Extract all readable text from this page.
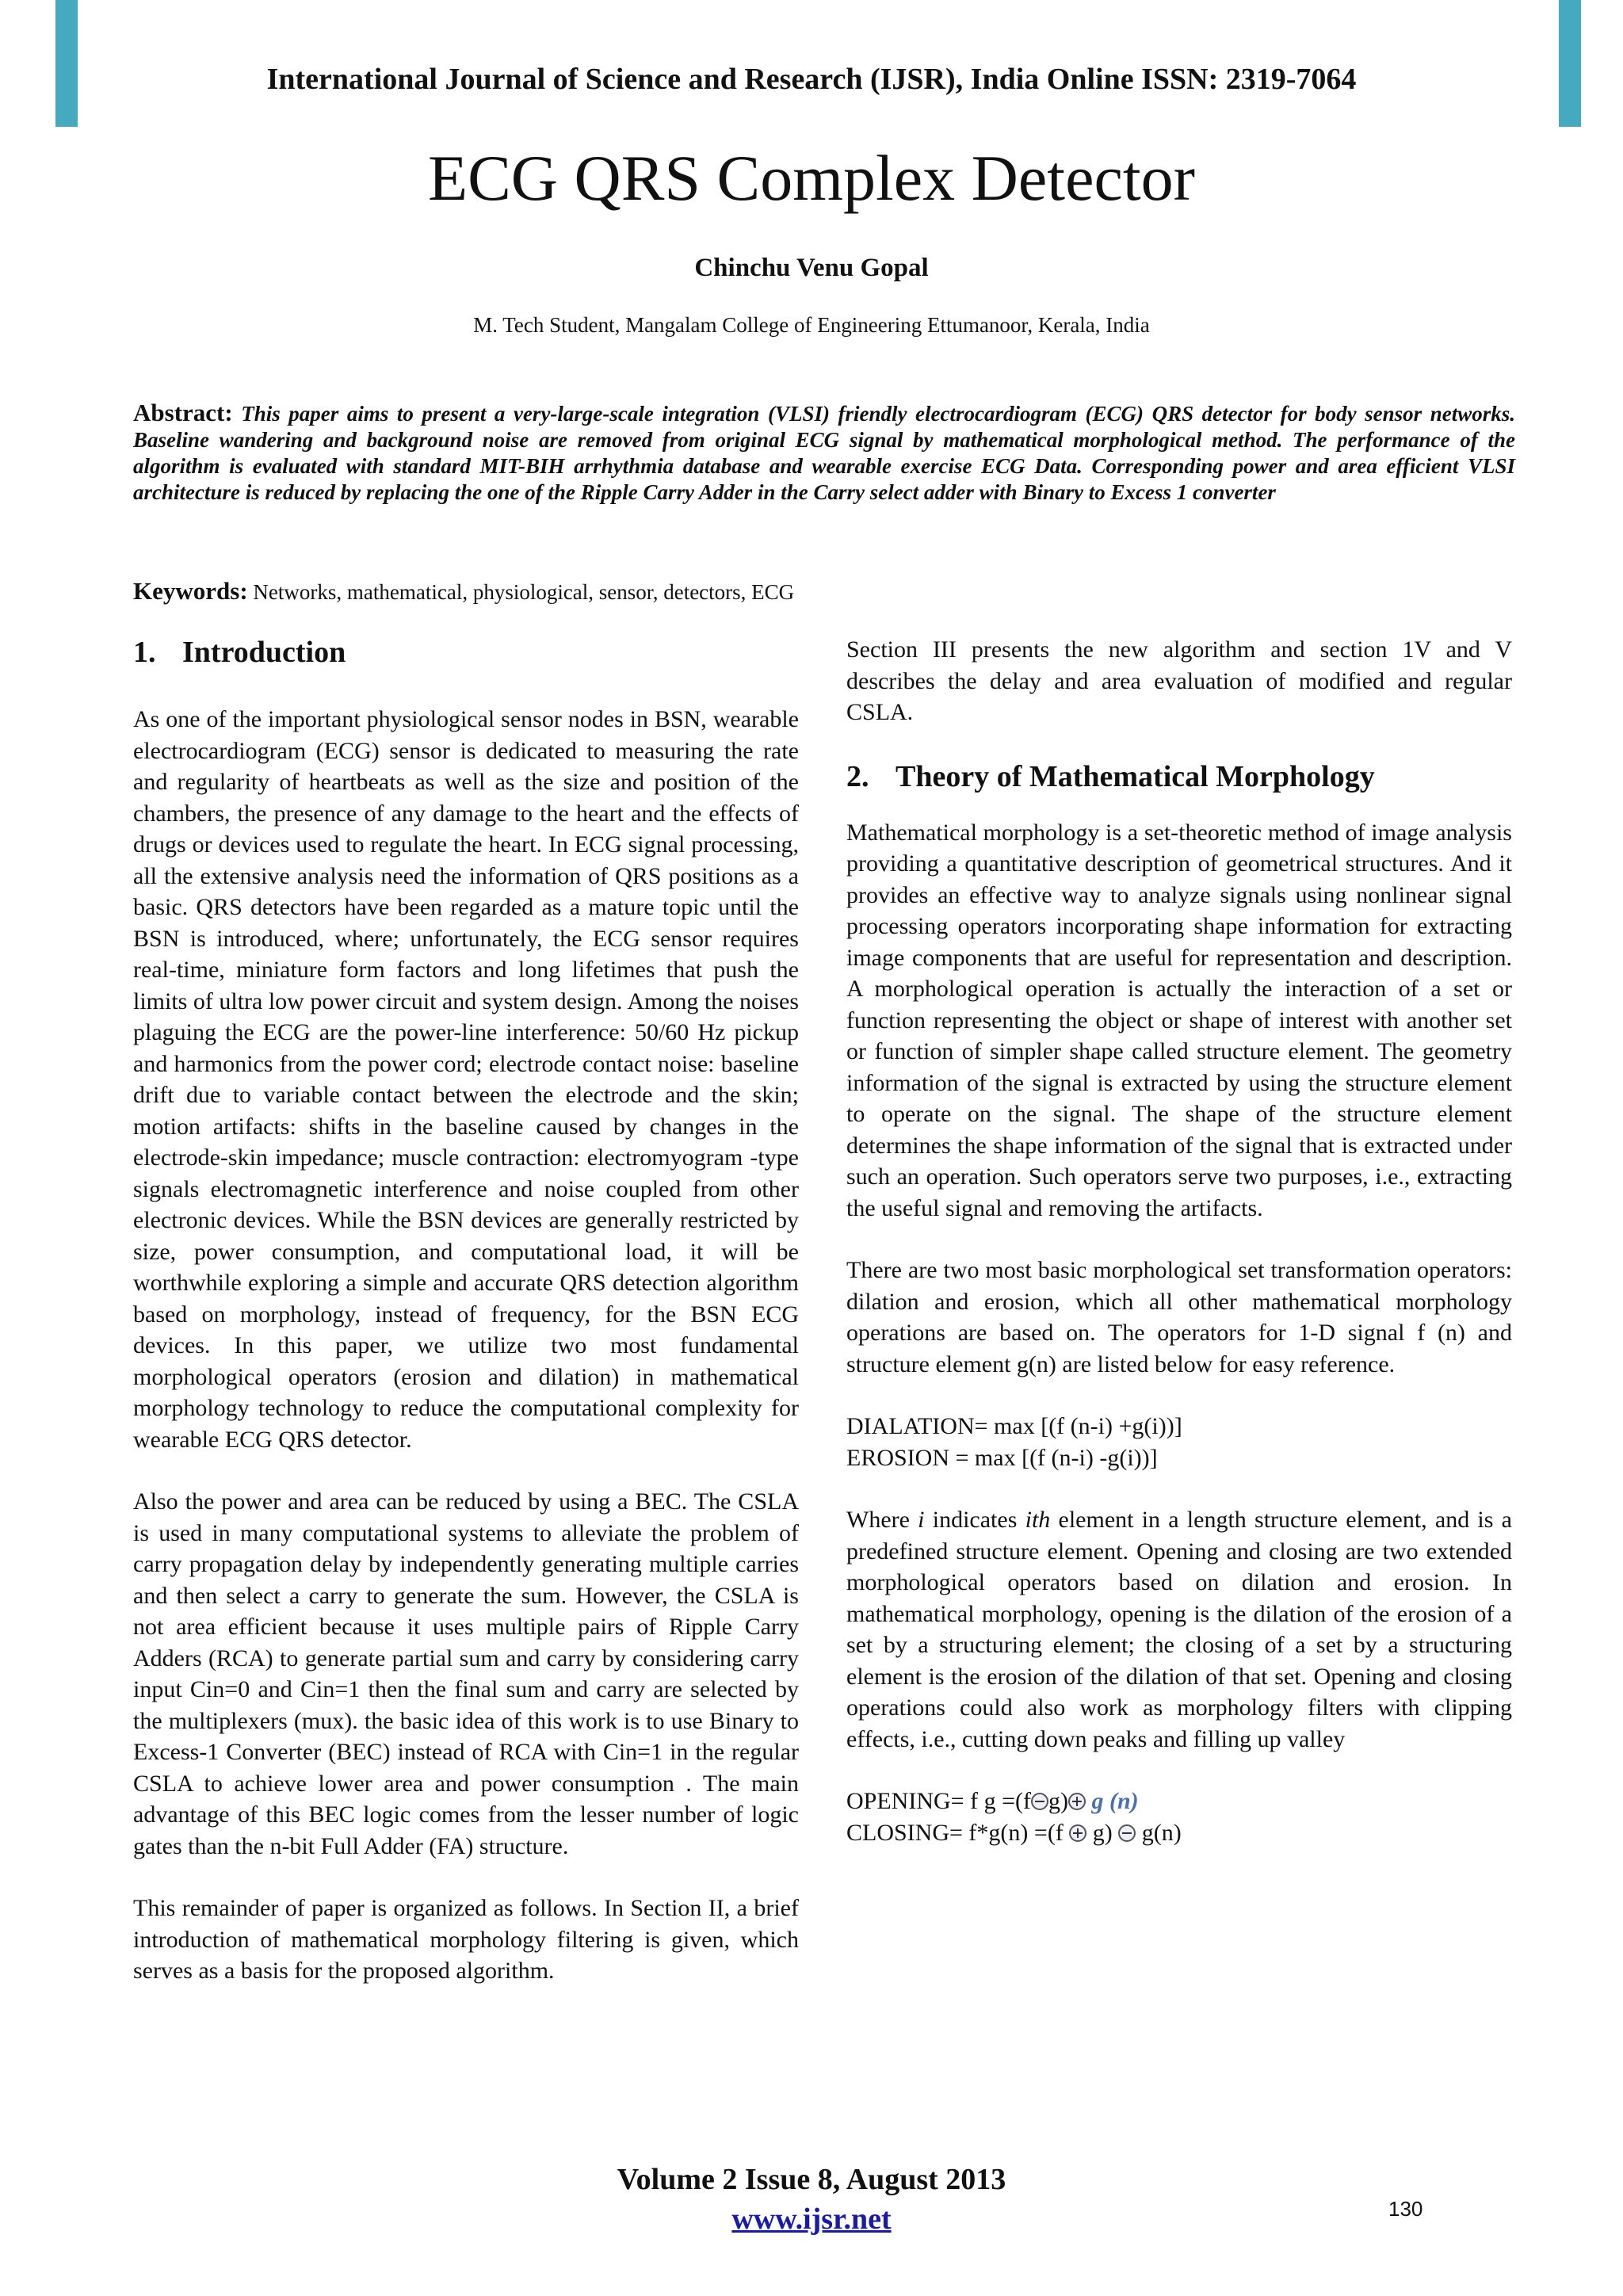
International Journal of Science and Research (IJSR), India Online ISSN: 2319-7064
ECG QRS Complex Detector
Chinchu Venu Gopal
M. Tech Student, Mangalam College of Engineering Ettumanoor, Kerala, India

Abstract: This paper aims to present a very-large-scale integration (VLSI) friendly electrocardiogram (ECG) QRS detector for body sensor networks. Baseline wandering and background noise are removed from original ECG signal by mathematical morphological method. The performance of the algorithm is evaluated with standard MIT-BIH arrhythmia database and wearable exercise ECG Data. Corresponding power and area efficient VLSI architecture is reduced by replacing the one of the Ripple Carry Adder in the Carry select adder with Binary to Excess 1 converter

Keywords: Networks, mathematical, physiological, sensor, detectors, ECG

1. Introduction

As one of the important physiological sensor nodes in BSN, wearable electrocardiogram (ECG) sensor is dedicated to measuring the rate and regularity of heartbeats as well as the size and position of the chambers, the presence of any damage to the heart and the effects of drugs or devices used to regulate the heart. In ECG signal processing, all the extensive analysis need the information of QRS positions as a basic. QRS detectors have been regarded as a mature topic until the BSN is introduced, where; unfortunately, the ECG sensor requires real-time, miniature form factors and long lifetimes that push the limits of ultra low power circuit and system design. Among the noises plaguing the ECG are the power-line interference: 50/60 Hz pickup and harmonics from the power cord; electrode contact noise: baseline drift due to variable contact between the electrode and the skin; motion artifacts: shifts in the baseline caused by changes in the electrode-skin impedance; muscle contraction: electromyogram -type signals electromagnetic interference and noise coupled from other electronic devices. While the BSN devices are generally restricted by size, power consumption, and computational load, it will be worthwhile exploring a simple and accurate QRS detection algorithm based on morphology, instead of frequency, for the BSN ECG devices. In this paper, we utilize two most fundamental morphological operators (erosion and dilation) in mathematical morphology technology to reduce the computational complexity for wearable ECG QRS detector.

Also the power and area can be reduced by using a BEC. The CSLA is used in many computational systems to alleviate the problem of carry propagation delay by independently generating multiple carries and then select a carry to generate the sum. However, the CSLA is not area efficient because it uses multiple pairs of Ripple Carry Adders (RCA) to generate partial sum and carry by considering carry input Cin=0 and Cin=1 then the final sum and carry are selected by the multiplexers (mux). the basic idea of this work is to use Binary to Excess-1 Converter (BEC) instead of RCA with Cin=1 in the regular CSLA to achieve lower area and power consumption . The main advantage of this BEC logic comes from the lesser number of logic gates than the n-bit Full Adder (FA) structure.

This remainder of paper is organized as follows. In Section II, a brief introduction of mathematical morphology filtering is given, which serves as a basis for the proposed algorithm.

Section III presents the new algorithm and section 1V and V describes the delay and area evaluation of modified and regular CSLA.

2. Theory of Mathematical Morphology

Mathematical morphology is a set-theoretic method of image analysis providing a quantitative description of geometrical structures. And it provides an effective way to analyze signals using nonlinear signal processing operators incorporating shape information for extracting image components that are useful for representation and description. A morphological operation is actually the interaction of a set or function representing the object or shape of interest with another set or function of simpler shape called structure element. The geometry information of the signal is extracted by using the structure element to operate on the signal. The shape of the structure element determines the shape information of the signal that is extracted under such an operation. Such operators serve two purposes, i.e., extracting the useful signal and removing the artifacts.

There are two most basic morphological set transformation operators: dilation and erosion, which all other mathematical morphology operations are based on. The operators for 1-D signal f (n) and structure element g(n) are listed below for easy reference.

DIALATION= max [(f (n-i) +g(i))]

EROSION = max [(f (n-i) -g(i))]

Where i indicates ith element in a length structure element, and is a predefined structure element. Opening and closing are two extended morphological operators based on dilation and erosion. In mathematical morphology, opening is the dilation of the erosion of a set by a structuring element; the closing of a set by a structuring element is the erosion of the dilation of that set. Opening and closing operations could also work as morphology filters with clipping effects, i.e., cutting down peaks and filling up valley

OPENING= f g =(f g) g (n)

CLOSING= f*g(n) =(f g) g(n)

Volume 2 Issue 8, August 2013
www.ijsr.net	130
